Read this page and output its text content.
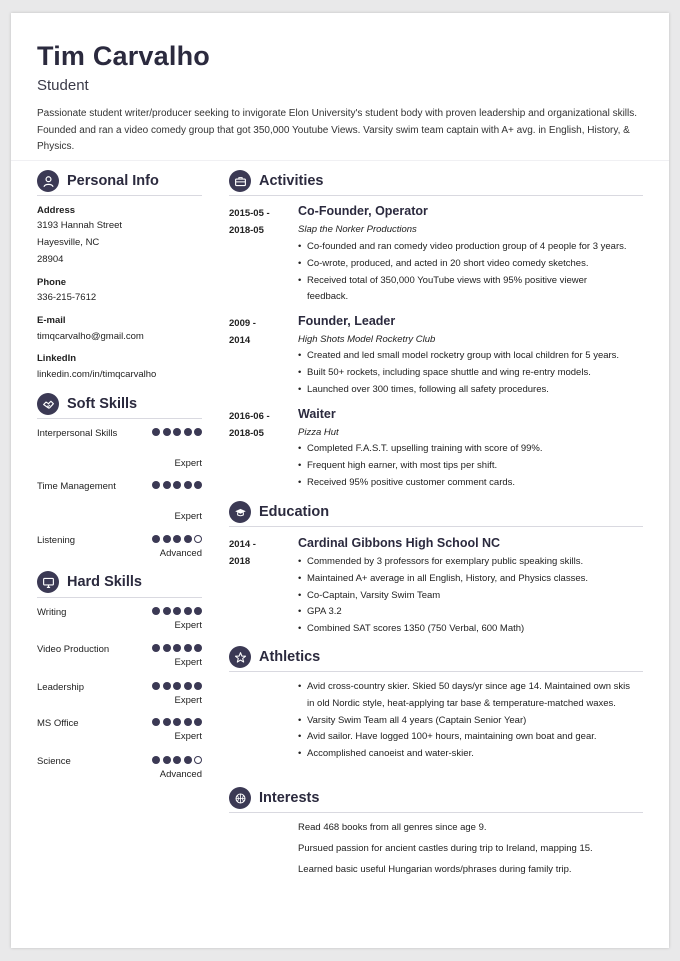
Tim Carvalho
Student
Passionate student writer/producer seeking to invigorate Elon University's student body with proven leadership and organizational skills. Founded and ran a video comedy group that got 350,000 Youtube Views. Varsity swim team captain with A+ avg. in English, History, & Physics.
Personal Info
Address
3193 Hannah Street
Hayesville, NC
28904
Phone
336-215-7612
E-mail
timqcarvalho@gmail.com
LinkedIn
linkedin.com/in/timqcarvalho
Soft Skills
Interpersonal Skills
Expert
Time Management
Expert
Listening
Advanced
Hard Skills
Writing
Expert
Video Production
Expert
Leadership
Expert
MS Office
Expert
Science
Advanced
Activities
2015-05 -
2018-05
Co-Founder, Operator
Slap the Norker Productions
• Co-founded and ran comedy video production group of 4 people for 3 years.
• Co-wrote, produced, and acted in 20 short video comedy sketches.
• Received total of 350,000 YouTube views with 95% positive viewer feedback.
2009 -
2014
Founder, Leader
High Shots Model Rocketry Club
• Created and led small model rocketry group with local children for 5 years.
• Built 50+ rockets, including space shuttle and wing re-entry models.
• Launched over 300 times, following all safety procedures.
2016-06 -
2018-05
Waiter
Pizza Hut
• Completed F.A.S.T. upselling training with score of 99%.
• Frequent high earner, with most tips per shift.
• Received 95% positive customer comment cards.
Education
2014 -
2018
Cardinal Gibbons High School NC
• Commended by 3 professors for exemplary public speaking skills.
• Maintained A+ average in all English, History, and Physics classes.
• Co-Captain, Varsity Swim Team
• GPA 3.2
• Combined SAT scores 1350 (750 Verbal, 600 Math)
Athletics
• Avid cross-country skier. Skied 50 days/yr since age 14. Maintained own skis in old Nordic style, heat-applying tar base & temperature-matched waxes.
• Varsity Swim Team all 4 years (Captain Senior Year)
• Avid sailor. Have logged 100+ hours, maintaining own boat and gear.
• Accomplished canoeist and water-skier.
Interests
Read 468 books from all genres since age 9.
Pursued passion for ancient castles during trip to Ireland, mapping 15.
Learned basic useful Hungarian words/phrases during family trip.
